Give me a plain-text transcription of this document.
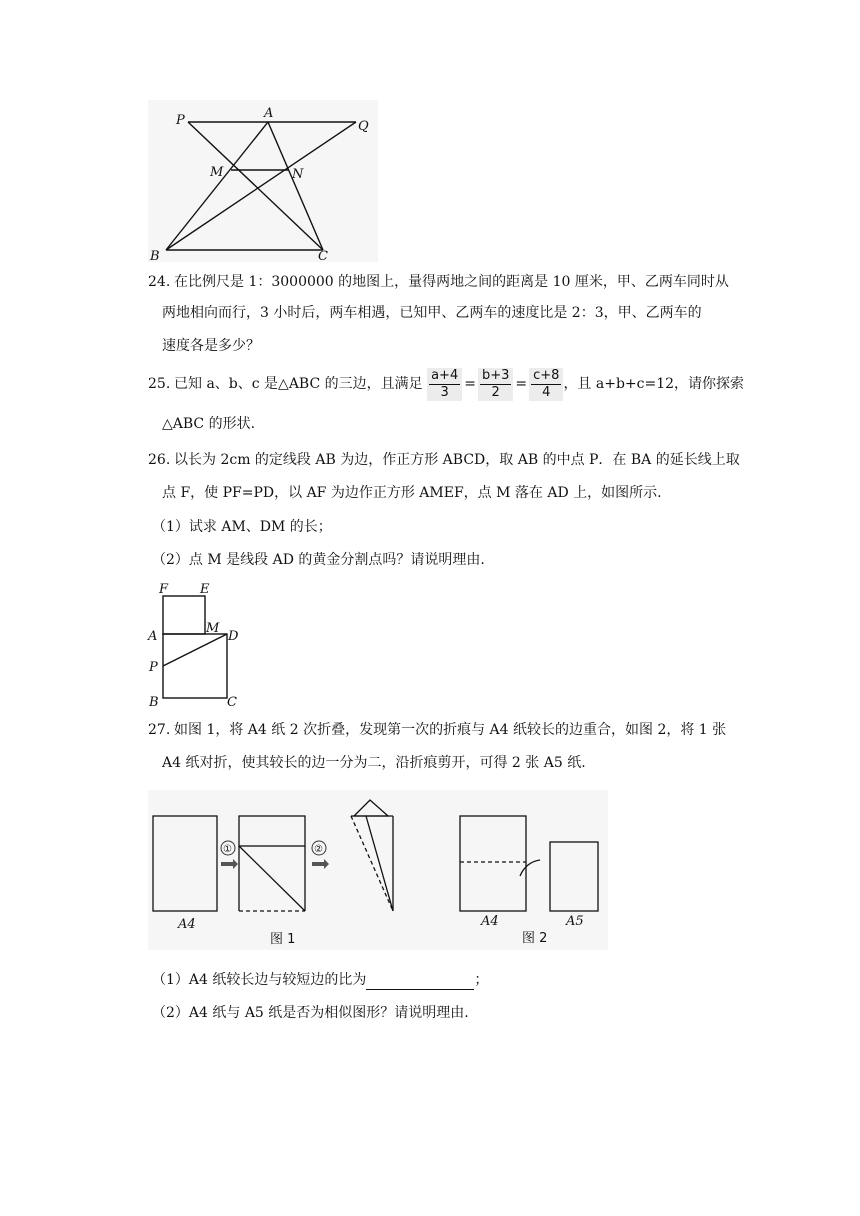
P	A
Q
M	N
B	C
24. 在比例尺是 1：3000000 的地图上，量得两地之间的距离是 10 厘米，甲、乙两车同时从
两地相向而行，3 小时后，两车相遇，已知甲、乙两车的速度比是 2：3，甲、乙两车的
速度各是多少？
25. 已知 a、b、c 是△ABC 的三边，且满足 $\frac{a+4}{3} = \frac{b+3}{2} = \frac{c+8}{4}$ ，且 a+b+c=12，请你探索
△ABC 的形状.
26. 以长为 2cm 的定线段 AB 为边，作正方形 ABCD，取 AB 的中点 P．在 BA 的延长线上取
点 F，使 PF=PD，以 AF 为边作正方形 AMEF，点 M 落在 AD 上，如图所示.
（1）试求 AM、DM 的长；
（2）点 M 是线段 AD 的黄金分割点吗？请说明理由.
F E
A
M
D
P
B	C
27. 如图 1，将 A4 纸 2 次折叠，发现第一次的折痕与 A4 纸较长的边重合，如图 2，将 1 张
A4 纸对折，使其较长的边一分为二，沿折痕剪开，可得 2 张 A5 纸.
①	②
A4
图 1
A4	A5
图 2
（1）A4 纸较长边与较短边的比为	；
（2）A4 纸与 A5 纸是否为相似图形？请说明理由.
